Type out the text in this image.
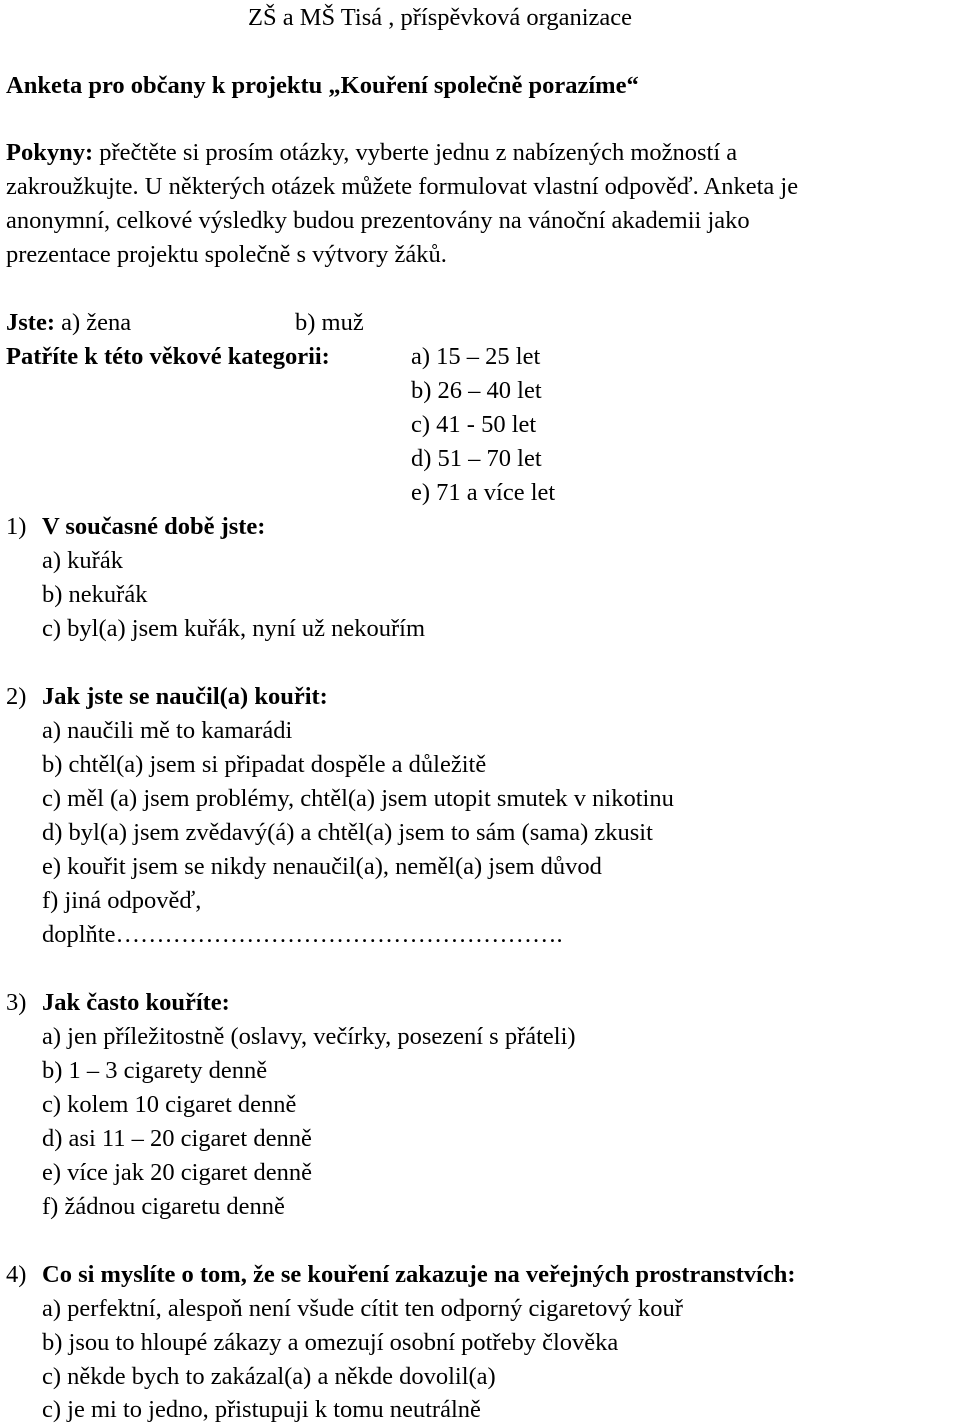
ZŠ a MŠ Tisá , příspěvková organizace
Anketa pro občany k projektu „Kouření společně porazíme“
Pokyny: přečtěte si prosím otázky, vyberte jednu z nabízených možností a
zakroužkujte. U některých otázek můžete formulovat vlastní odpověď. Anketa je
anonymní, celkové výsledky budou prezentovány na vánoční akademii jako
prezentace projektu společně s výtvory žáků.
Jste: a) žena	b) muž
Patříte k této věkové kategorii:	a) 15 – 25 let
b) 26 – 40 let
c) 41 - 50 let
d) 51 – 70 let
e) 71 a více let
1) V současné době jste:
a) kuřák
b) nekuřák
c) byl(a) jsem kuřák, nyní už nekouřím
2) Jak jste se naučil(a) kouřit:
a) naučili mě to kamarádi
b) chtěl(a) jsem si připadat dospěle a důležitě
c) měl (a) jsem problémy, chtěl(a) jsem utopit smutek v nikotinu
d) byl(a) jsem zvědavý(á) a chtěl(a) jsem to sám (sama) zkusit
e) kouřit jsem se nikdy nenaučil(a), neměl(a) jsem důvod
f) jiná odpověď,
doplňte……………………………………………….
3) Jak často kouříte:
a) jen příležitostně (oslavy, večírky, posezení s přáteli)
b) 1 – 3 cigarety denně
c) kolem 10 cigaret denně
d) asi 11 – 20 cigaret denně
e) více jak 20 cigaret denně
f) žádnou cigaretu denně
4) Co si myslíte o tom, že se kouření zakazuje na veřejných prostranstvích:
a) perfektní, alespoň není všude cítit ten odporný cigaretový kouř
b) jsou to hloupé zákazy a omezují osobní potřeby člověka
c) někde bych to zakázal(a) a někde dovolil(a)
c) je mi to jedno, přistupuji k tomu neutrálně
